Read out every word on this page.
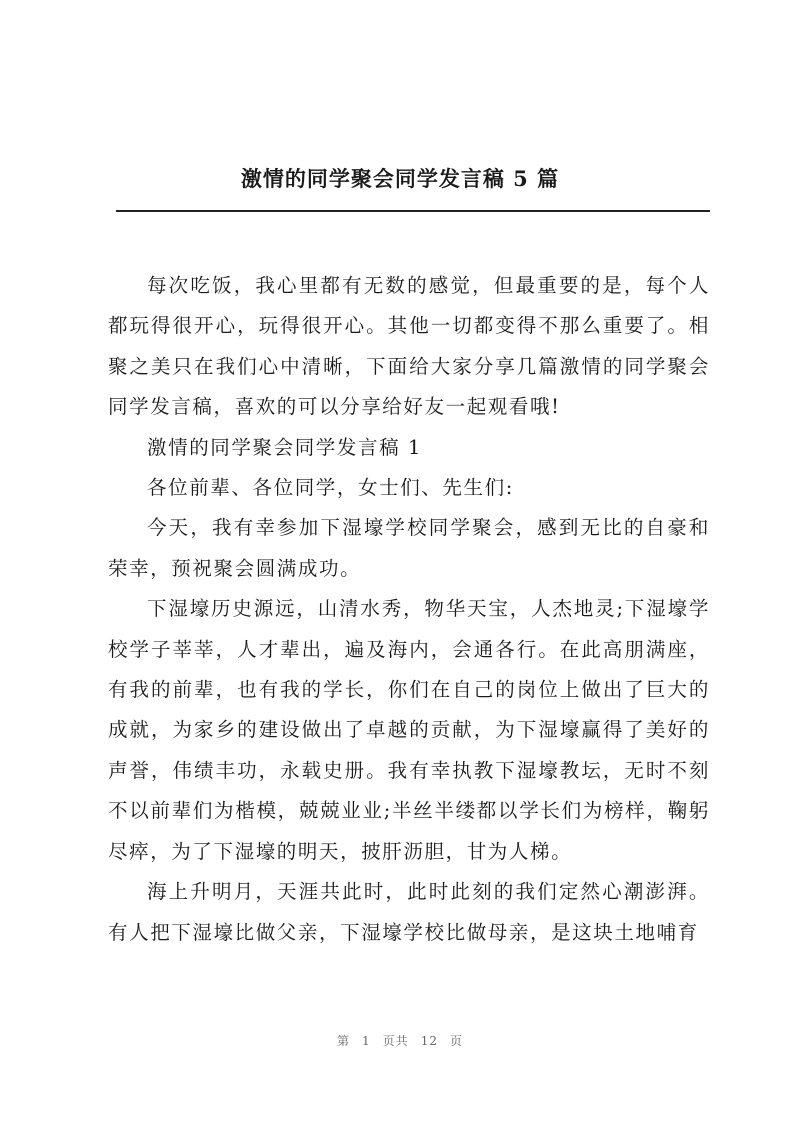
激情的同学聚会同学发言稿 5 篇

每次吃饭，我心里都有无数的感觉，但最重要的是，每个人都玩得很开心，玩得很开心。其他一切都变得不那么重要了。相聚之美只在我们心中清晰，下面给大家分享几篇激情的同学聚会同学发言稿，喜欢的可以分享给好友一起观看哦!

激情的同学聚会同学发言稿 1

各位前辈、各位同学，女士们、先生们:

今天，我有幸参加下湿壕学校同学聚会，感到无比的自豪和荣幸，预祝聚会圆满成功。

下湿壕历史源远，山清水秀，物华天宝，人杰地灵;下湿壕学校学子莘莘，人才辈出，遍及海内，会通各行。在此高朋满座，有我的前辈，也有我的学长，你们在自己的岗位上做出了巨大的成就，为家乡的建设做出了卓越的贡献，为下湿壕赢得了美好的声誉，伟绩丰功，永载史册。我有幸执教下湿壕教坛，无时不刻不以前辈们为楷模，兢兢业业;半丝半缕都以学长们为榜样，鞠躬尽瘁，为了下湿壕的明天，披肝沥胆，甘为人梯。

海上升明月，天涯共此时，此时此刻的我们定然心潮澎湃。有人把下湿壕比做父亲，下湿壕学校比做母亲，是这块土地哺育

第 1 页共 12 页
